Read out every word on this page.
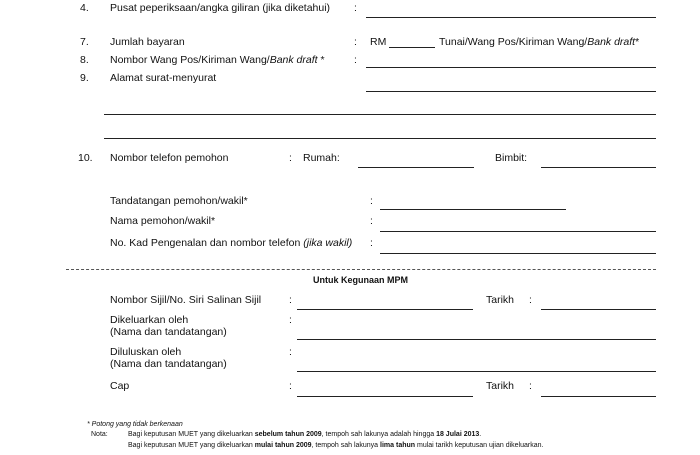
4. Pusat peperiksaan/angka giliran (jika diketahui) :
7. Jumlah bayaran	: RM	Tunai/Wang Pos/Kiriman Wang/Bank draft*
8. Nombor Wang Pos/Kiriman Wang/Bank draft *	:
9. Alamat surat-menyurat
10. Nombor telefon pemohon	: Rumah:	Bimbit:
Tandatangan pemohon/wakil*	:
Nama pemohon/wakil*	:
No. Kad Pengenalan dan nombor telefon (jika wakil) :
Untuk Kegunaan MPM
Nombor Sijil/No. Siri Salinan Sijil	:	Tarikh :
Dikeluarkan oleh	:
(Nama dan tandatangan)
Diluluskan oleh	:
(Nama dan tandatangan)
Cap	:	Tarikh :
* Potong yang tidak berkenaan
Nota:	Bagi keputusan MUET yang dikeluarkan sebelum tahun 2009, tempoh sah lakunya adalah hingga 18 Julai 2013.
Bagi keputusan MUET yang dikeluarkan mulai tahun 2009, tempoh sah lakunya lima tahun mulai tarikh keputusan ujian dikeluarkan.
